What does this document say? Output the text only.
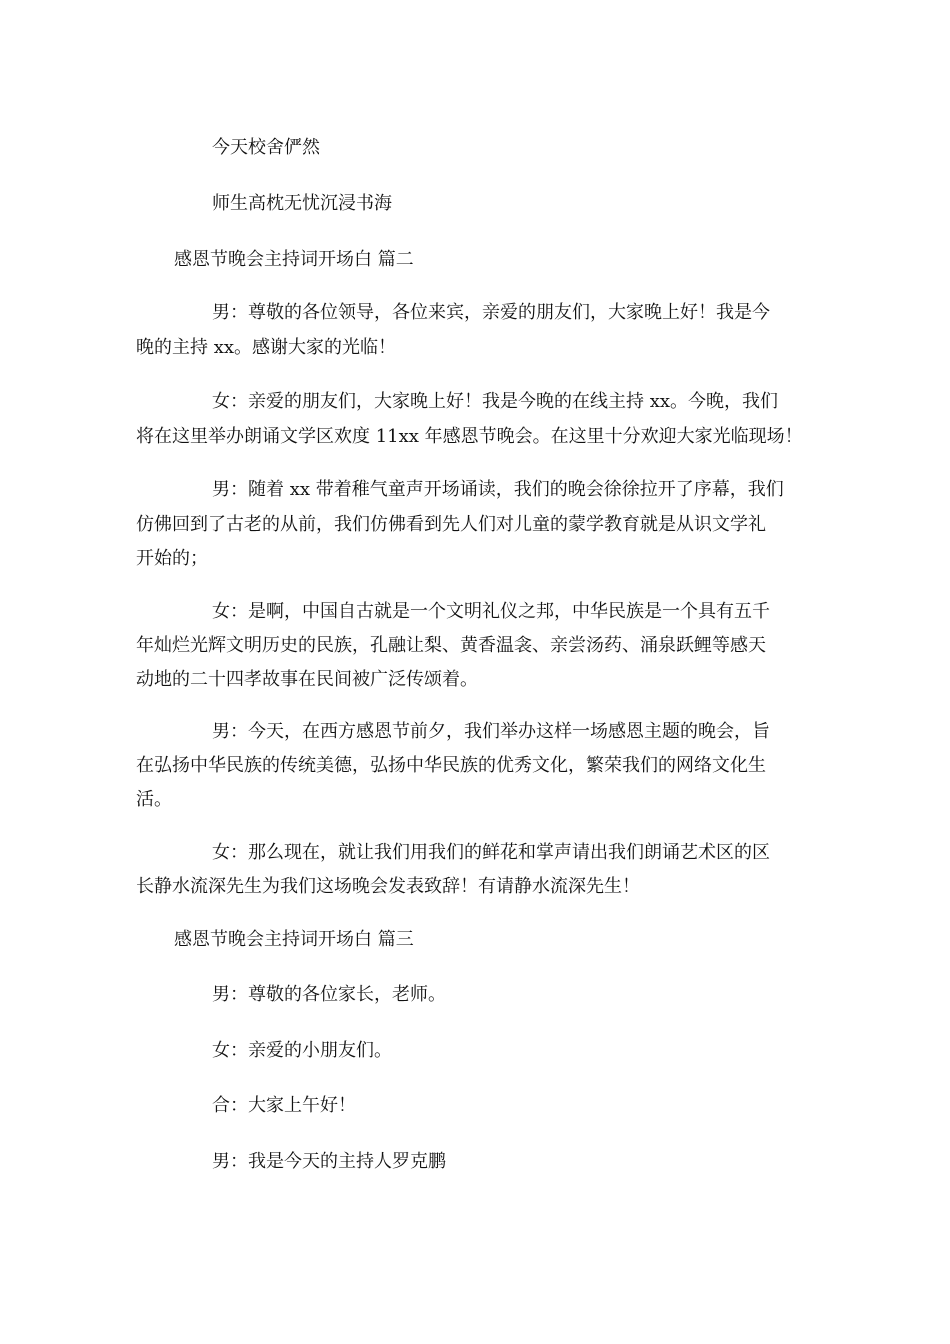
今天校舍俨然

师生高枕无忧沉浸书海

感恩节晚会主持词开场白 篇二

男：尊敬的各位领导，各位来宾，亲爱的朋友们，大家晚上好！我是今

晚的主持 xx。感谢大家的光临！

女：亲爱的朋友们，大家晚上好！我是今晚的在线主持 xx。今晚，我们

将在这里举办朗诵文学区欢度 11xx 年感恩节晚会。在这里十分欢迎大家光临现场！

男：随着 xx 带着稚气童声开场诵读，我们的晚会徐徐拉开了序幕，我们

仿佛回到了古老的从前，我们仿佛看到先人们对儿童的蒙学教育就是从识文学礼

开始的；

女：是啊，中国自古就是一个文明礼仪之邦，中华民族是一个具有五千

年灿烂光辉文明历史的民族，孔融让梨、黄香温衾、亲尝汤药、涌泉跃鲤等感天

动地的二十四孝故事在民间被广泛传颂着。

男：今天，在西方感恩节前夕，我们举办这样一场感恩主题的晚会，旨

在弘扬中华民族的传统美德，弘扬中华民族的优秀文化，繁荣我们的网络文化生

活。

女：那么现在，就让我们用我们的鲜花和掌声请出我们朗诵艺术区的区

长静水流深先生为我们这场晚会发表致辞！有请静水流深先生！

感恩节晚会主持词开场白 篇三

男：尊敬的各位家长，老师。

女：亲爱的小朋友们。

合：大家上午好！

男：我是今天的主持人罗克鹏
